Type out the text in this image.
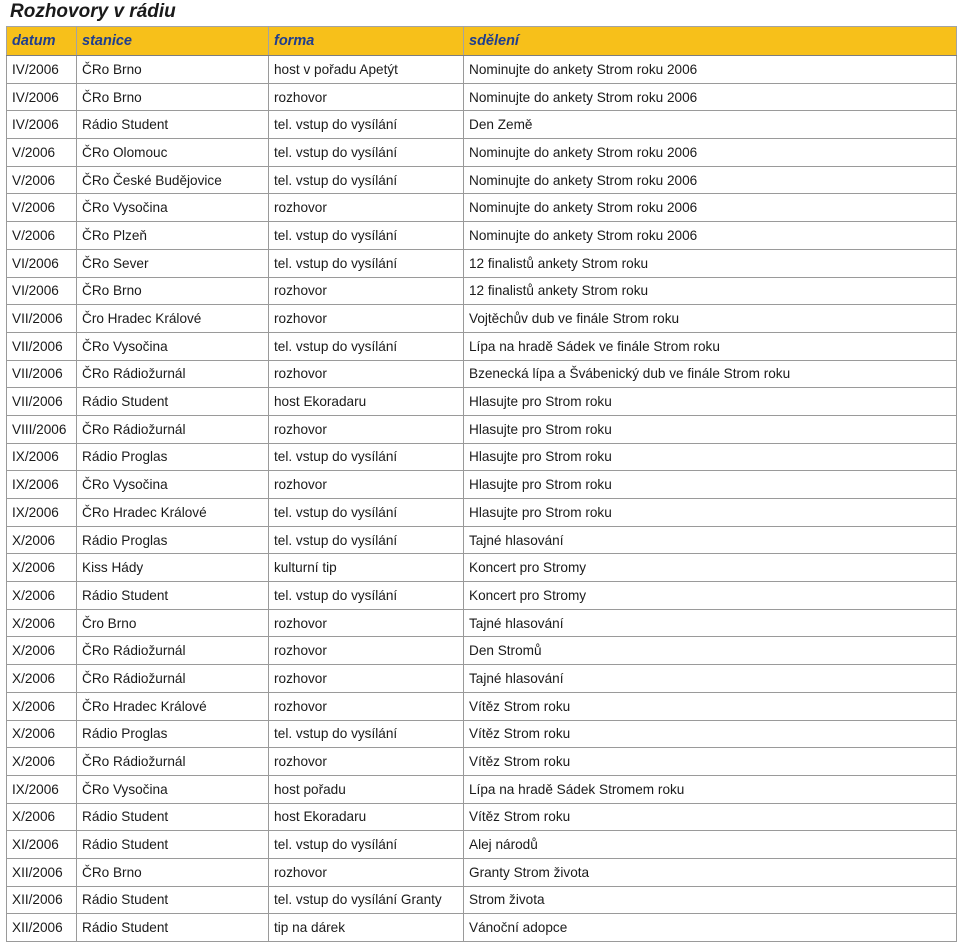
Rozhovory v rádiu
datum	stanice	forma	sdělení
IV/2006	ČRo Brno	host v pořadu Apetýt	Nominujte do ankety Strom roku 2006
IV/2006	ČRo Brno	rozhovor	Nominujte do ankety Strom roku 2006
IV/2006	Rádio Student	tel. vstup do vysílání	Den Země
V/2006	ČRo Olomouc	tel. vstup do vysílání	Nominujte do ankety Strom roku 2006
V/2006	ČRo České Budějovice	tel. vstup do vysílání	Nominujte do ankety Strom roku 2006
V/2006	ČRo Vysočina	rozhovor	Nominujte do ankety Strom roku 2006
V/2006	ČRo Plzeň	tel. vstup do vysílání	Nominujte do ankety Strom roku 2006
VI/2006	ČRo Sever	tel. vstup do vysílání	12 finalistů ankety Strom roku
VI/2006	ČRo Brno	rozhovor	12 finalistů ankety Strom roku
VII/2006	Čro Hradec Králové	rozhovor	Vojtěchův dub ve finále Strom roku
VII/2006	ČRo Vysočina	tel. vstup do vysílání	Lípa na hradě Sádek ve finále Strom roku
VII/2006	ČRo Rádiožurnál	rozhovor	Bzenecká lípa a Švábenický dub ve finále Strom roku
VII/2006	Rádio Student	host Ekoradaru	Hlasujte pro Strom roku
VIII/2006	ČRo Rádiožurnál	rozhovor	Hlasujte pro Strom roku
IX/2006	Rádio Proglas	tel. vstup do vysílání	Hlasujte pro Strom roku
IX/2006	ČRo Vysočina	rozhovor	Hlasujte pro Strom roku
IX/2006	ČRo Hradec Králové	tel. vstup do vysílání	Hlasujte pro Strom roku
X/2006	Rádio Proglas	tel. vstup do vysílání	Tajné hlasování
X/2006	Kiss Hády	kulturní tip	Koncert pro Stromy
X/2006	Rádio Student	tel. vstup do vysílání	Koncert pro Stromy
X/2006	Čro Brno	rozhovor	Tajné hlasování
X/2006	ČRo Rádiožurnál	rozhovor	Den Stromů
X/2006	ČRo Rádiožurnál	rozhovor	Tajné hlasování
X/2006	ČRo Hradec Králové	rozhovor	Vítěz Strom roku
X/2006	Rádio Proglas	tel. vstup do vysílání	Vítěz Strom roku
X/2006	ČRo Rádiožurnál	rozhovor	Vítěz Strom roku
IX/2006	ČRo Vysočina	host pořadu	Lípa na hradě Sádek Stromem roku
X/2006	Rádio Student	host Ekoradaru	Vítěz Strom roku
XI/2006	Rádio Student	tel. vstup do vysílání	Alej národů
XII/2006	ČRo Brno	rozhovor	Granty Strom života
XII/2006	Rádio Student	tel. vstup do vysílání Granty	Strom života
XII/2006	Rádio Student	tip na dárek	Vánoční adopce
